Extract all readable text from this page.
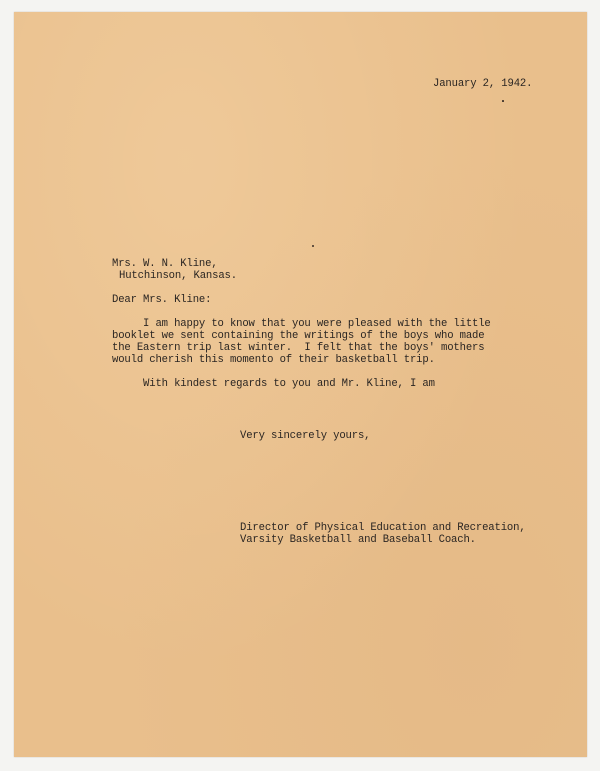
January 2, 1942.

Mrs. W. N. Kline,

Hutchinson, Kansas.

Dear Mrs. Kline:

I am happy to know that you were pleased with the little

booklet we sent containing the writings of the boys who made

the Eastern trip last winter.  I felt that the boys' mothers

would cherish this momento of their basketball trip.

With kindest regards to you and Mr. Kline, I am

Very sincerely yours,

Director of Physical Education and Recreation,

Varsity Basketball and Baseball Coach.
